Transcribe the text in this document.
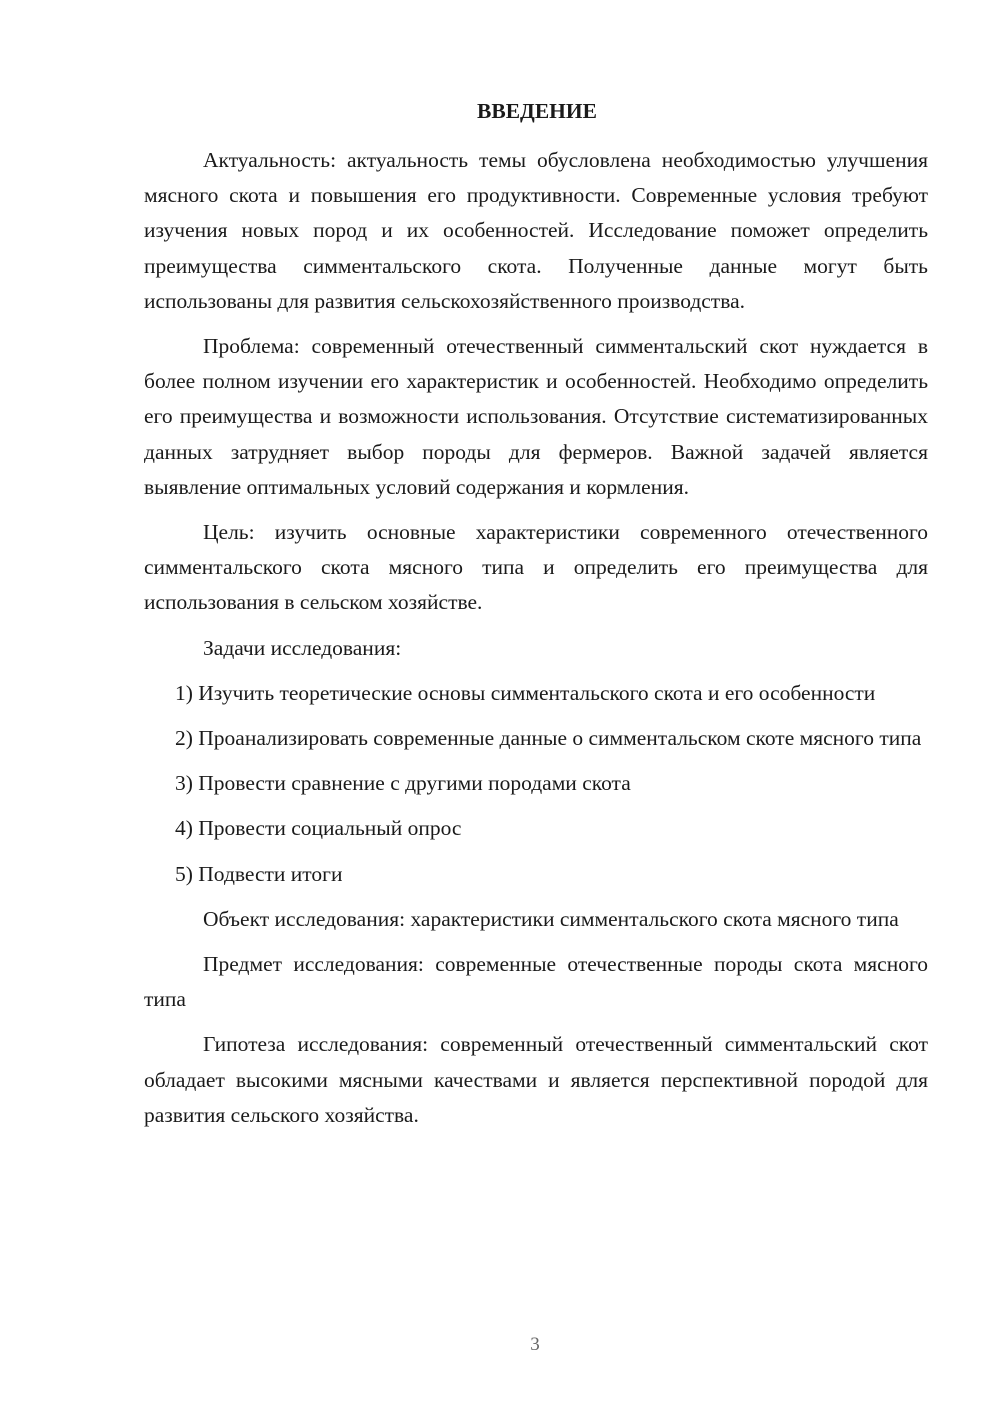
ВВЕДЕНИЕ

Актуальность: актуальность темы обусловлена необходимостью улучшения мясного скота и повышения его продуктивности. Современные условия требуют изучения новых пород и их особенностей. Исследование поможет определить преимущества симментальского скота. Полученные данные могут быть использованы для развития сельскохозяйственного производства.

Проблема: современный отечественный симментальский скот нуждается в более полном изучении его характеристик и особенностей. Необходимо определить его преимущества и возможности использования. Отсутствие систематизированных данных затрудняет выбор породы для фермеров. Важной задачей является выявление оптимальных условий содержания и кормления.

Цель: изучить основные характеристики современного отечественного симментальского скота мясного типа и определить его преимущества для использования в сельском хозяйстве.

Задачи исследования:

1) Изучить теоретические основы симментальского скота и его особенности

2) Проанализировать современные данные о симментальском скоте мясного типа

3) Провести сравнение с другими породами скота

4) Провести социальный опрос

5) Подвести итоги

Объект исследования: характеристики симментальского скота мясного типа

Предмет исследования: современные отечественные породы скота мясного типа

Гипотеза исследования: современный отечественный симментальский скот обладает высокими мясными качествами и является перспективной породой для развития сельского хозяйства.

3
